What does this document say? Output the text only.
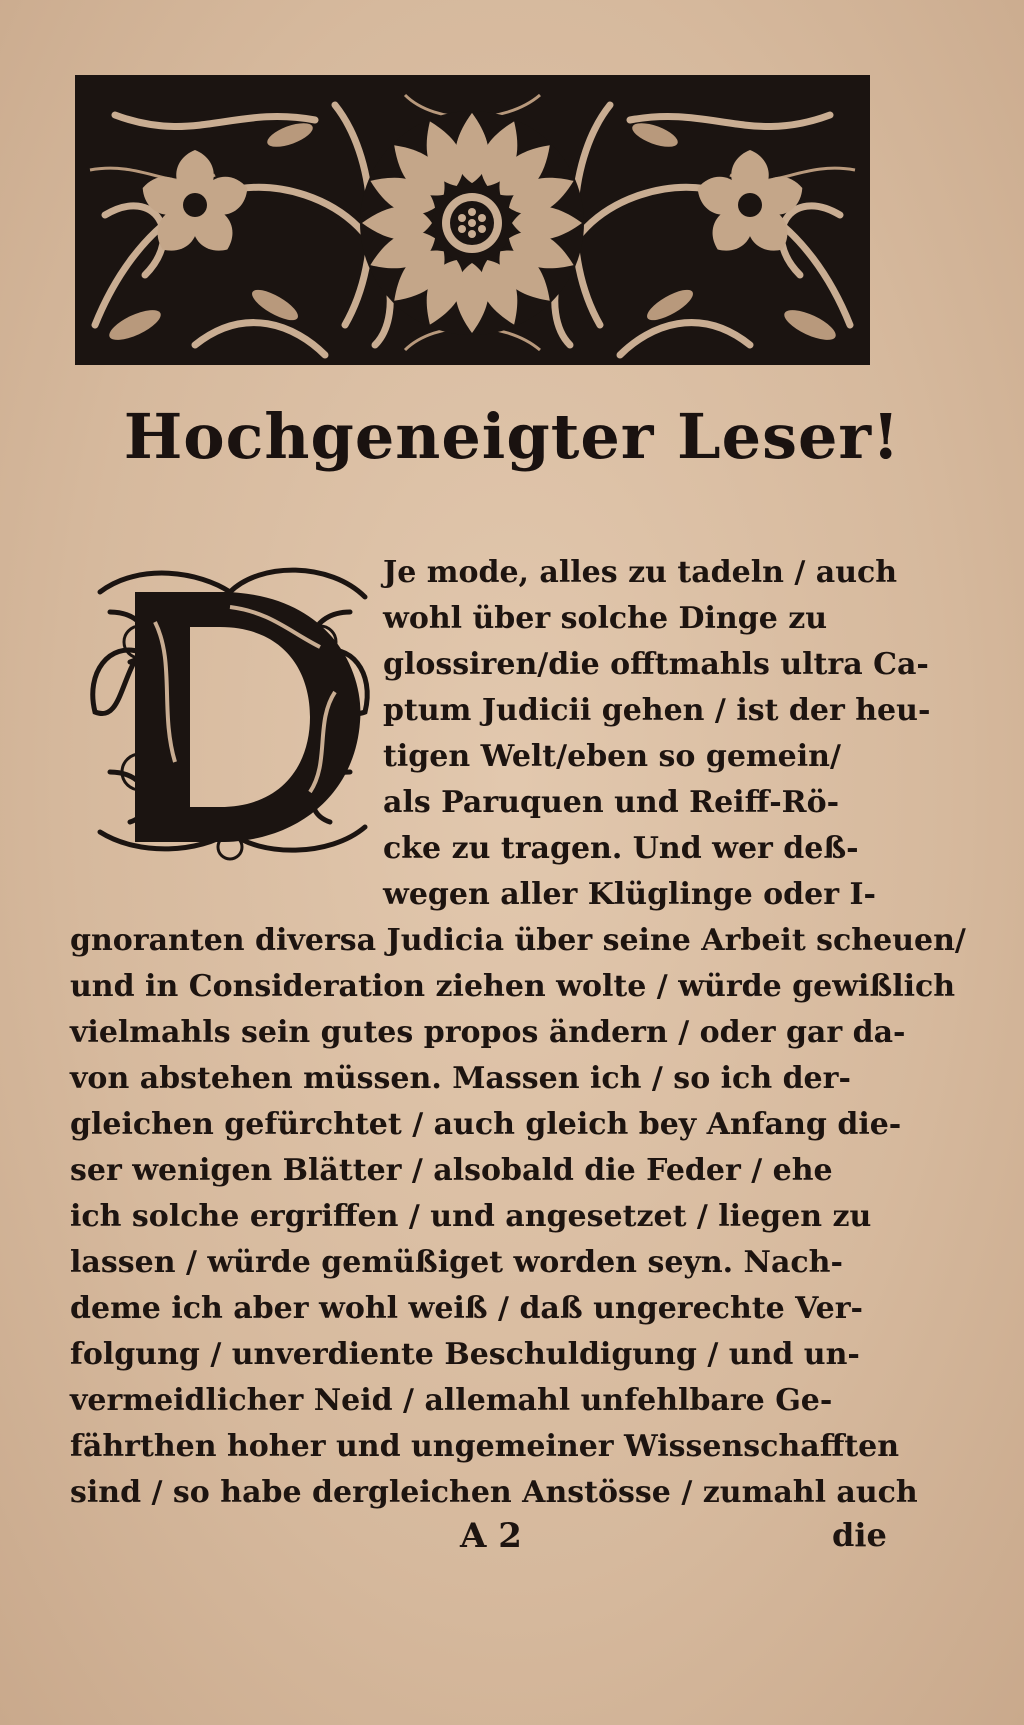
Hochgeneigter Leser!
Je mode, alles zu tadeln / auch
wohl über solche Dinge zu
glossiren/die offtmahls ultra Ca-
ptum Judicii gehen / ist der heu-
tigen Welt/eben so gemein/
als Paruquen und Reiff-Rö-
cke zu tragen. Und wer deß-
wegen aller Klüglinge oder I-
gnoranten diversa Judicia über seine Arbeit scheuen/
und in Consideration ziehen wolte / würde gewißlich
vielmahls sein gutes propos ändern / oder gar da-
von abstehen müssen. Massen ich / so ich der-
gleichen gefürchtet / auch gleich bey Anfang die-
ser wenigen Blätter / alsobald die Feder / ehe
ich solche ergriffen / und angesetzet / liegen zu
lassen / würde gemüßiget worden seyn. Nach-
deme ich aber wohl weiß / daß ungerechte Ver-
folgung / unverdiente Beschuldigung / und un-
vermeidlicher Neid / allemahl unfehlbare Ge-
fährthen hoher und ungemeiner Wissenschafften
sind / so habe dergleichen Anstösse / zumahl auch
A 2	die
